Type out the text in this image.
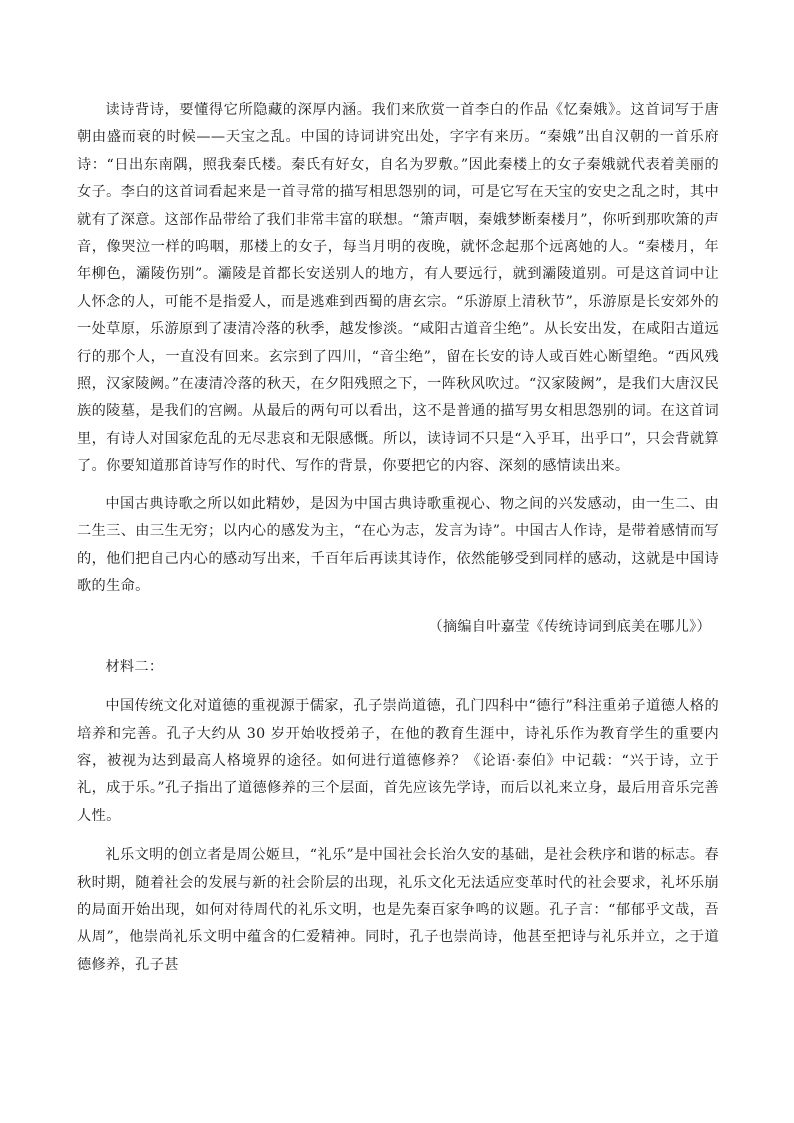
读诗背诗，要懂得它所隐藏的深厚内涵。我们来欣赏一首李白的作品《忆秦娥》。这首词写于唐朝由盛而衰的时候——天宝之乱。中国的诗词讲究出处，字字有来历。“秦娥”出自汉朝的一首乐府诗：“日出东南隅，照我秦氏楼。秦氏有好女，自名为罗敷。”因此秦楼上的女子秦娥就代表着美丽的女子。李白的这首词看起来是一首寻常的描写相思怨别的词，可是它写在天宝的安史之乱之时，其中就有了深意。这部作品带给了我们非常丰富的联想。“箫声咽，秦娥梦断秦楼月”，你听到那吹箫的声音，像哭泣一样的呜咽，那楼上的女子，每当月明的夜晚，就怀念起那个远离她的人。“秦楼月，年年柳色，灞陵伤别”。灞陵是首都长安送别人的地方，有人要远行，就到灞陵道别。可是这首词中让人怀念的人，可能不是指爱人，而是逃难到西蜀的唐玄宗。“乐游原上清秋节”，乐游原是长安郊外的一处草原，乐游原到了凄清冷落的秋季，越发惨淡。“咸阳古道音尘绝”。从长安出发，在咸阳古道远行的那个人，一直没有回来。玄宗到了四川，“音尘绝”，留在长安的诗人或百姓心断望绝。“西风残照，汉家陵阙。”在凄清冷落的秋天，在夕阳残照之下，一阵秋风吹过。“汉家陵阙”，是我们大唐汉民族的陵墓，是我们的宫阙。从最后的两句可以看出，这不是普通的描写男女相思怨别的词。在这首词里，有诗人对国家危乱的无尽悲哀和无限感慨。所以，读诗词不只是“入乎耳，出乎口”，只会背就算了。你要知道那首诗写作的时代、写作的背景，你要把它的内容、深刻的感情读出来。

中国古典诗歌之所以如此精妙，是因为中国古典诗歌重视心、物之间的兴发感动，由一生二、由二生三、由三生无穷；以内心的感发为主，“在心为志，发言为诗”。中国古人作诗，是带着感情而写的，他们把自己内心的感动写出来，千百年后再读其诗作，依然能够受到同样的感动，这就是中国诗歌的生命。

（摘编自叶嘉莹《传统诗词到底美在哪儿》）

材料二：

中国传统文化对道德的重视源于儒家，孔子崇尚道德，孔门四科中“德行”科注重弟子道德人格的培养和完善。孔子大约从 30 岁开始收授弟子，在他的教育生涯中，诗礼乐作为教育学生的重要内容，被视为达到最高人格境界的途径。如何进行道德修养？《论语·泰伯》中记载：“兴于诗，立于礼，成于乐。”孔子指出了道德修养的三个层面，首先应该先学诗，而后以礼来立身，最后用音乐完善人性。

礼乐文明的创立者是周公姬旦，“礼乐”是中国社会长治久安的基础，是社会秩序和谐的标志。春秋时期，随着社会的发展与新的社会阶层的出现，礼乐文化无法适应变革时代的社会要求，礼坏乐崩的局面开始出现，如何对待周代的礼乐文明，也是先秦百家争鸣的议题。孔子言：“郁郁乎文哉，吾从周”，他崇尚礼乐文明中蕴含的仁爱精神。同时，孔子也崇尚诗，他甚至把诗与礼乐并立，之于道德修养，孔子甚
